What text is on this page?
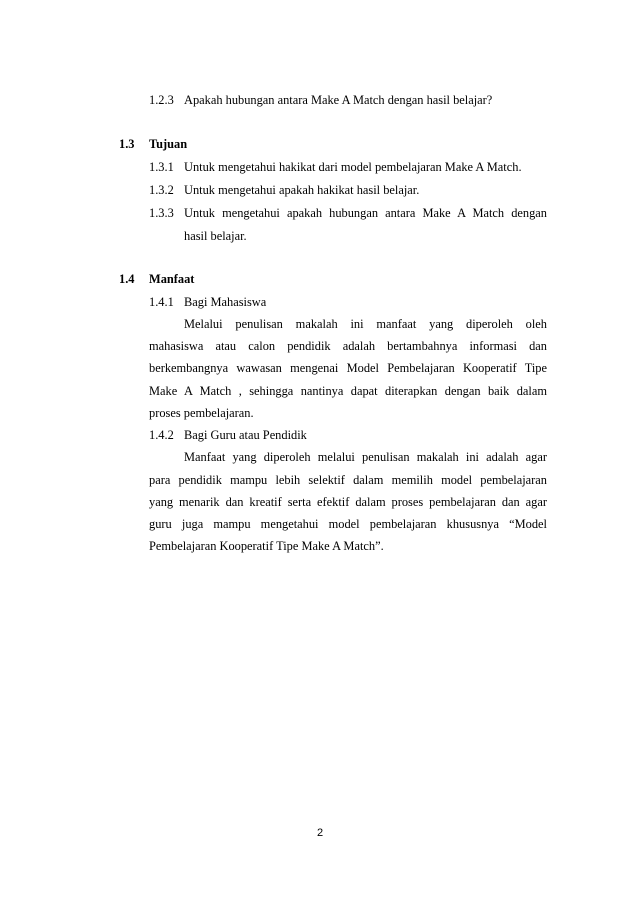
1.2.3 Apakah hubungan antara Make A Match dengan hasil belajar?
1.3 Tujuan
1.3.1 Untuk mengetahui hakikat dari model pembelajaran Make A Match.
1.3.2 Untuk mengetahui apakah hakikat hasil belajar.
1.3.3 Untuk mengetahui apakah hubungan antara Make A Match dengan
hasil belajar.
1.4 Manfaat
1.4.1 Bagi Mahasiswa
Melalui penulisan makalah ini manfaat yang diperoleh oleh
mahasiswa atau calon pendidik adalah bertambahnya informasi dan
berkembangnya wawasan mengenai Model Pembelajaran Kooperatif Tipe
Make A Match , sehingga nantinya dapat diterapkan dengan baik dalam
proses pembelajaran.
1.4.2 Bagi Guru atau Pendidik
Manfaat yang diperoleh melalui penulisan makalah ini adalah agar
para pendidik mampu lebih selektif dalam memilih model pembelajaran
yang menarik dan kreatif serta efektif dalam proses pembelajaran dan agar
guru juga mampu mengetahui model pembelajaran khususnya “Model
Pembelajaran Kooperatif Tipe Make A Match”.
2
